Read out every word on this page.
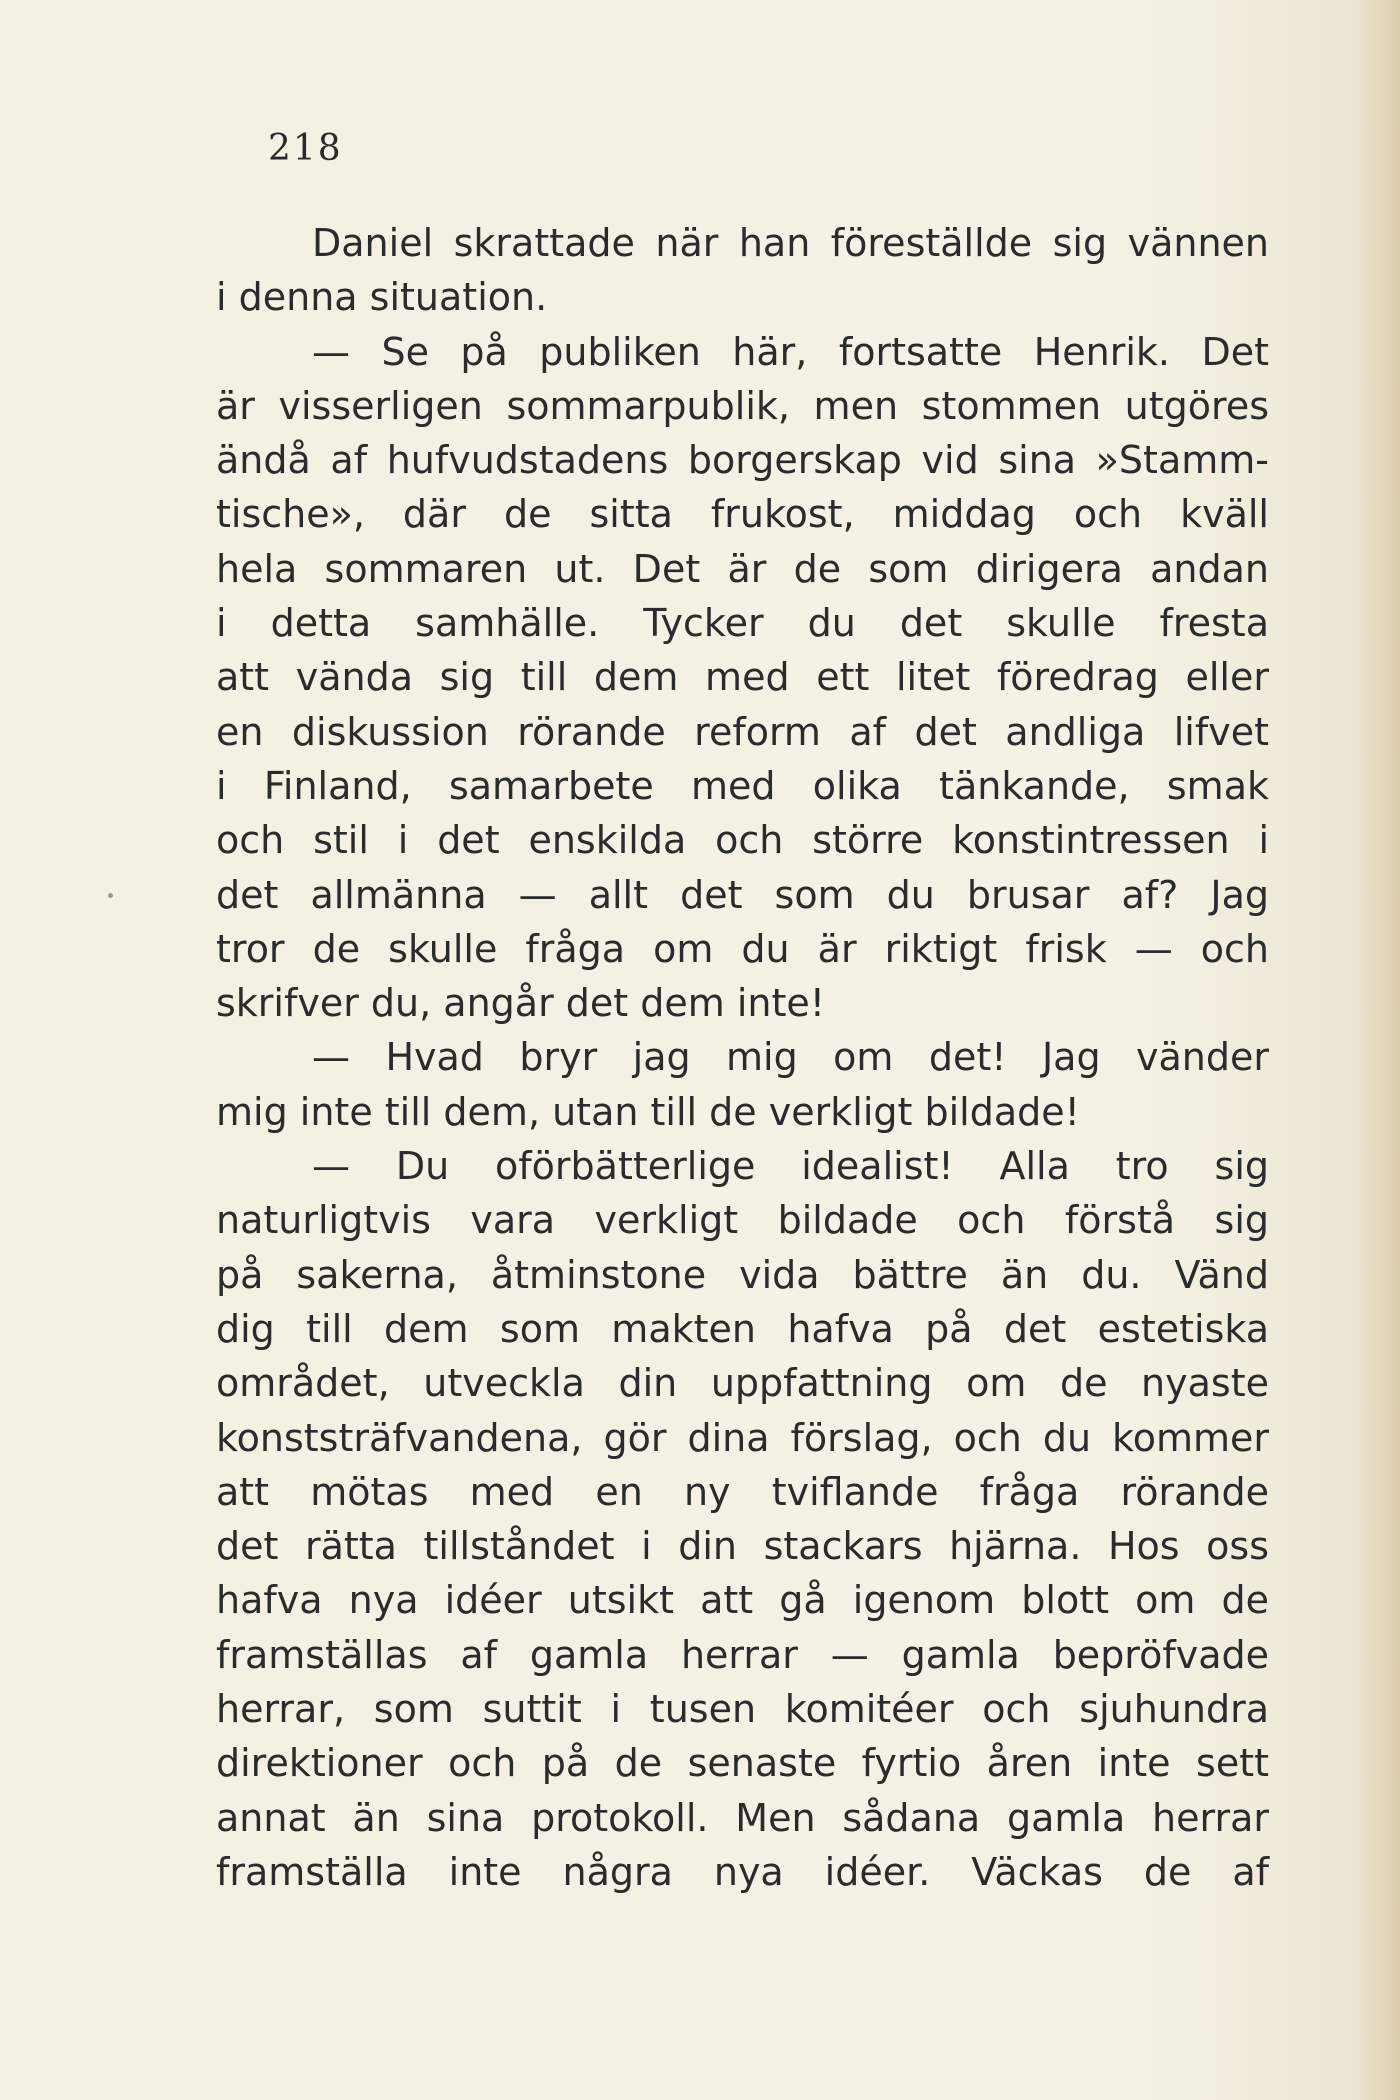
218
Daniel skrattade när han föreställde sig vännen
i denna situation.
— Se på publiken här, fortsatte Henrik. Det
är visserligen sommarpublik, men stommen utgöres
ändå af hufvudstadens borgerskap vid sina »Stamm-
tische», där de sitta frukost, middag och kväll
hela sommaren ut. Det är de som dirigera andan
i detta samhälle. Tycker du det skulle fresta
att vända sig till dem med ett litet föredrag eller
en diskussion rörande reform af det andliga lifvet
i Finland, samarbete med olika tänkande, smak
och stil i det enskilda och större konstintressen i
det allmänna — allt det som du brusar af? Jag
tror de skulle fråga om du är riktigt frisk — och
skrifver du, angår det dem inte!
— Hvad bryr jag mig om det! Jag vänder
mig inte till dem, utan till de verkligt bildade!
— Du oförbätterlige idealist! Alla tro sig
naturligtvis vara verkligt bildade och förstå sig
på sakerna, åtminstone vida bättre än du. Vänd
dig till dem som makten hafva på det estetiska
området, utveckla din uppfattning om de nyaste
konststräfvandena, gör dina förslag, och du kommer
att mötas med en ny tviflande fråga rörande
det rätta tillståndet i din stackars hjärna. Hos oss
hafva nya idéer utsikt att gå igenom blott om de
framställas af gamla herrar — gamla bepröfvade
herrar, som suttit i tusen komitéer och sjuhundra
direktioner och på de senaste fyrtio åren inte sett
annat än sina protokoll. Men sådana gamla herrar
framställa inte några nya idéer. Väckas de af
